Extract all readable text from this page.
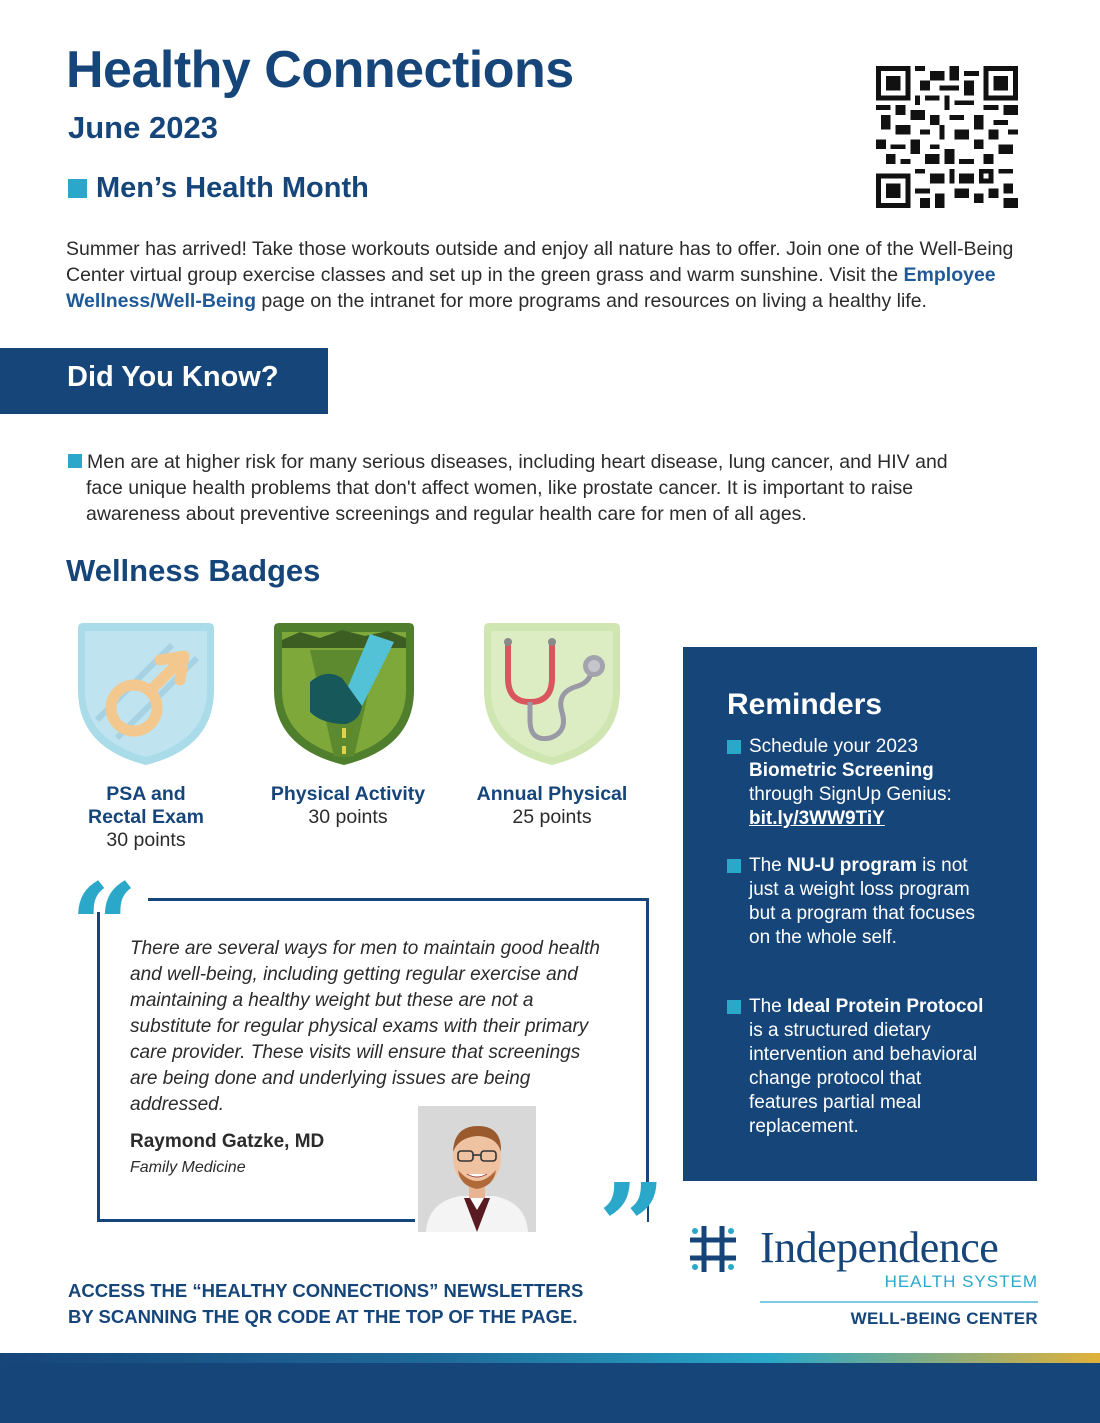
Healthy Connections
June 2023
Men’s Health Month
Summer has arrived! Take those workouts outside and enjoy all nature has to offer. Join one of the Well-Being Center virtual group exercise classes and set up in the green grass and warm sunshine. Visit the Employee Wellness/Well-Being page on the intranet for more programs and resources on living a healthy life.
Did You Know?
Men are at higher risk for many serious diseases, including heart disease, lung cancer, and HIV and face unique health problems that don't affect women, like prostate cancer. It is important to raise awareness about preventive screenings and regular health care for men of all ages.
Wellness Badges
PSA and Rectal Exam
30 points
Physical Activity
30 points
Annual Physical
25 points
“
”
There are several ways for men to maintain good health and well-being, including getting regular exercise and maintaining a healthy weight but these are not a substitute for regular physical exams with their primary care provider. These visits will ensure that screenings are being done and underlying issues are being addressed.
Raymond Gatzke, MD
Family Medicine
Reminders
Schedule your 2023 Biometric Screening through SignUp Genius: bit.ly/3WW9TiY
The NU-U program is not just a weight loss program but a program that focuses on the whole self.
The Ideal Protein Protocol is a structured dietary intervention and behavioral change protocol that features partial meal replacement.
ACCESS THE “HEALTHY CONNECTIONS” NEWSLETTERS
BY SCANNING THE QR CODE AT THE TOP OF THE PAGE.
Independence
HEALTH SYSTEM
WELL-BEING CENTER
